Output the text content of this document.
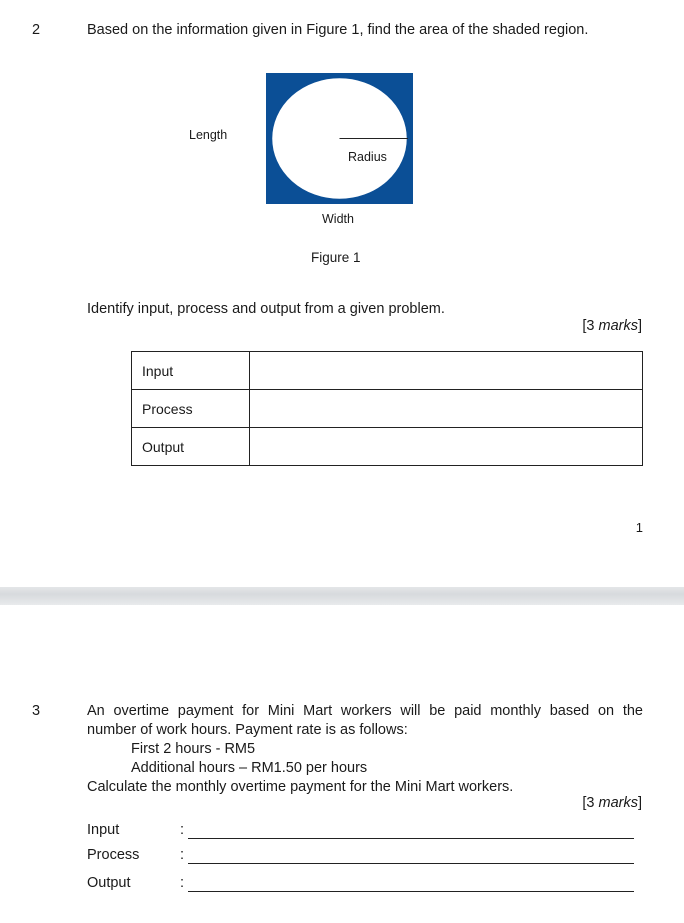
2	Based on the information given in Figure 1, find the area of the shaded region.
Length
Radius
Width
Figure 1
Identify input, process and output from a given problem.
[3 marks]
Input	
Process	
Output	
1
3	An overtime payment for Mini Mart workers will be paid monthly based on the
number of work hours. Payment rate is as follows:
First 2 hours - RM5
Additional hours – RM1.50 per hours
Calculate the monthly overtime payment for the Mini Mart workers.
[3 marks]
Input	:
Process	:
Output	:
